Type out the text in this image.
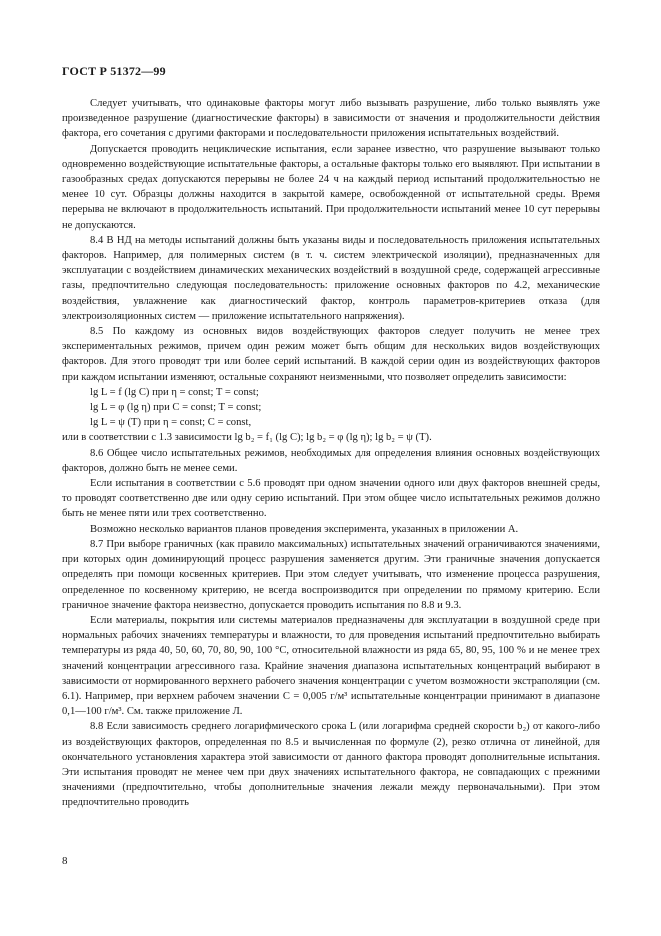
ГОСТ Р 51372—99

Следует учитывать, что одинаковые факторы могут либо вызывать разрушение, либо только выявлять уже произведенное разрушение (диагностические факторы) в зависимости от значения и продолжительности действия фактора, его сочетания с другими факторами и последовательности приложения испытательных воздействий.

Допускается проводить нециклические испытания, если заранее известно, что разрушение вызывают только одновременно воздействующие испытательные факторы, а остальные факторы только его выявляют. При испытании в газообразных средах допускаются перерывы не более 24 ч на каждый период испытаний продолжительностью не менее 10 сут. Образцы должны находится в закрытой камере, освобожденной от испытательной среды. Время перерыва не включают в продолжительность испытаний. При продолжительности испытаний менее 10 сут перерывы не допускаются.

8.4 В НД на методы испытаний должны быть указаны виды и последовательность приложения испытательных факторов. Например, для полимерных систем (в т. ч. систем электрической изоляции), предназначенных для эксплуатации с воздействием динамических механических воздействий в воздушной среде, содержащей агрессивные газы, предпочтительно следующая последовательность: приложение основных факторов по 4.2, механические воздействия, увлажнение как диагностический фактор, контроль параметров-критериев отказа (для электроизоляционных систем — приложение испытательного напряжения).

8.5 По каждому из основных видов воздействующих факторов следует получить не менее трех экспериментальных режимов, причем один режим может быть общим для нескольких видов воздействующих факторов. Для этого проводят три или более серий испытаний. В каждой серии один из воздействующих факторов при каждом испытании изменяют, остальные сохраняют неизменными, что позволяет определить зависимости:

lg L = f (lg C) при η = const; T = const;

lg L = φ (lg η) при C = const; T = const;

lg L = ψ (T) при η = const; C = const,

или в соответствии с 1.3 зависимости lg b₂ = f₁ (lg C); lg b₂ = φ (lg η); lg b₂ = ψ (T).

8.6 Общее число испытательных режимов, необходимых для определения влияния основных воздействующих факторов, должно быть не менее семи.

Если испытания в соответствии с 5.6 проводят при одном значении одного или двух факторов внешней среды, то проводят соответственно две или одну серию испытаний. При этом общее число испытательных режимов должно быть не менее пяти или трех соответственно.

Возможно несколько вариантов планов проведения эксперимента, указанных в приложении А.

8.7 При выборе граничных (как правило максимальных) испытательных значений ограничиваются значениями, при которых один доминирующий процесс разрушения заменяется другим. Эти граничные значения допускается определять при помощи косвенных критериев. При этом следует учитывать, что изменение процесса разрушения, определенное по косвенному критерию, не всегда воспроизводится при определении по прямому критерию. Если граничное значение фактора неизвестно, допускается проводить испытания по 8.8 и 9.3.

Если материалы, покрытия или системы материалов предназначены для эксплуатации в воздушной среде при нормальных рабочих значениях температуры и влажности, то для проведения испытаний предпочтительно выбирать температуры из ряда 40, 50, 60, 70, 80, 90, 100 °С, относительной влажности из ряда 65, 80, 95, 100 % и не менее трех значений концентрации агрессивного газа. Крайние значения диапазона испытательных концентраций выбирают в зависимости от нормированного верхнего рабочего значения концентрации с учетом возможности экстраполяции (см. 6.1). Например, при верхнем рабочем значении C = 0,005 г/м³ испытательные концентрации принимают в диапазоне 0,1—100 г/м³. См. также приложение Л.

8.8 Если зависимость среднего логарифмического срока L (или логарифма средней скорости b₂) от какого-либо из воздействующих факторов, определенная по 8.5 и вычисленная по формуле (2), резко отлична от линейной, для окончательного установления характера этой зависимости от данного фактора проводят дополнительные испытания. Эти испытания проводят не менее чем при двух значениях испытательного фактора, не совпадающих с прежними значениями (предпочтительно, чтобы дополнительные значения лежали между первоначальными). При этом предпочтительно проводить

8
